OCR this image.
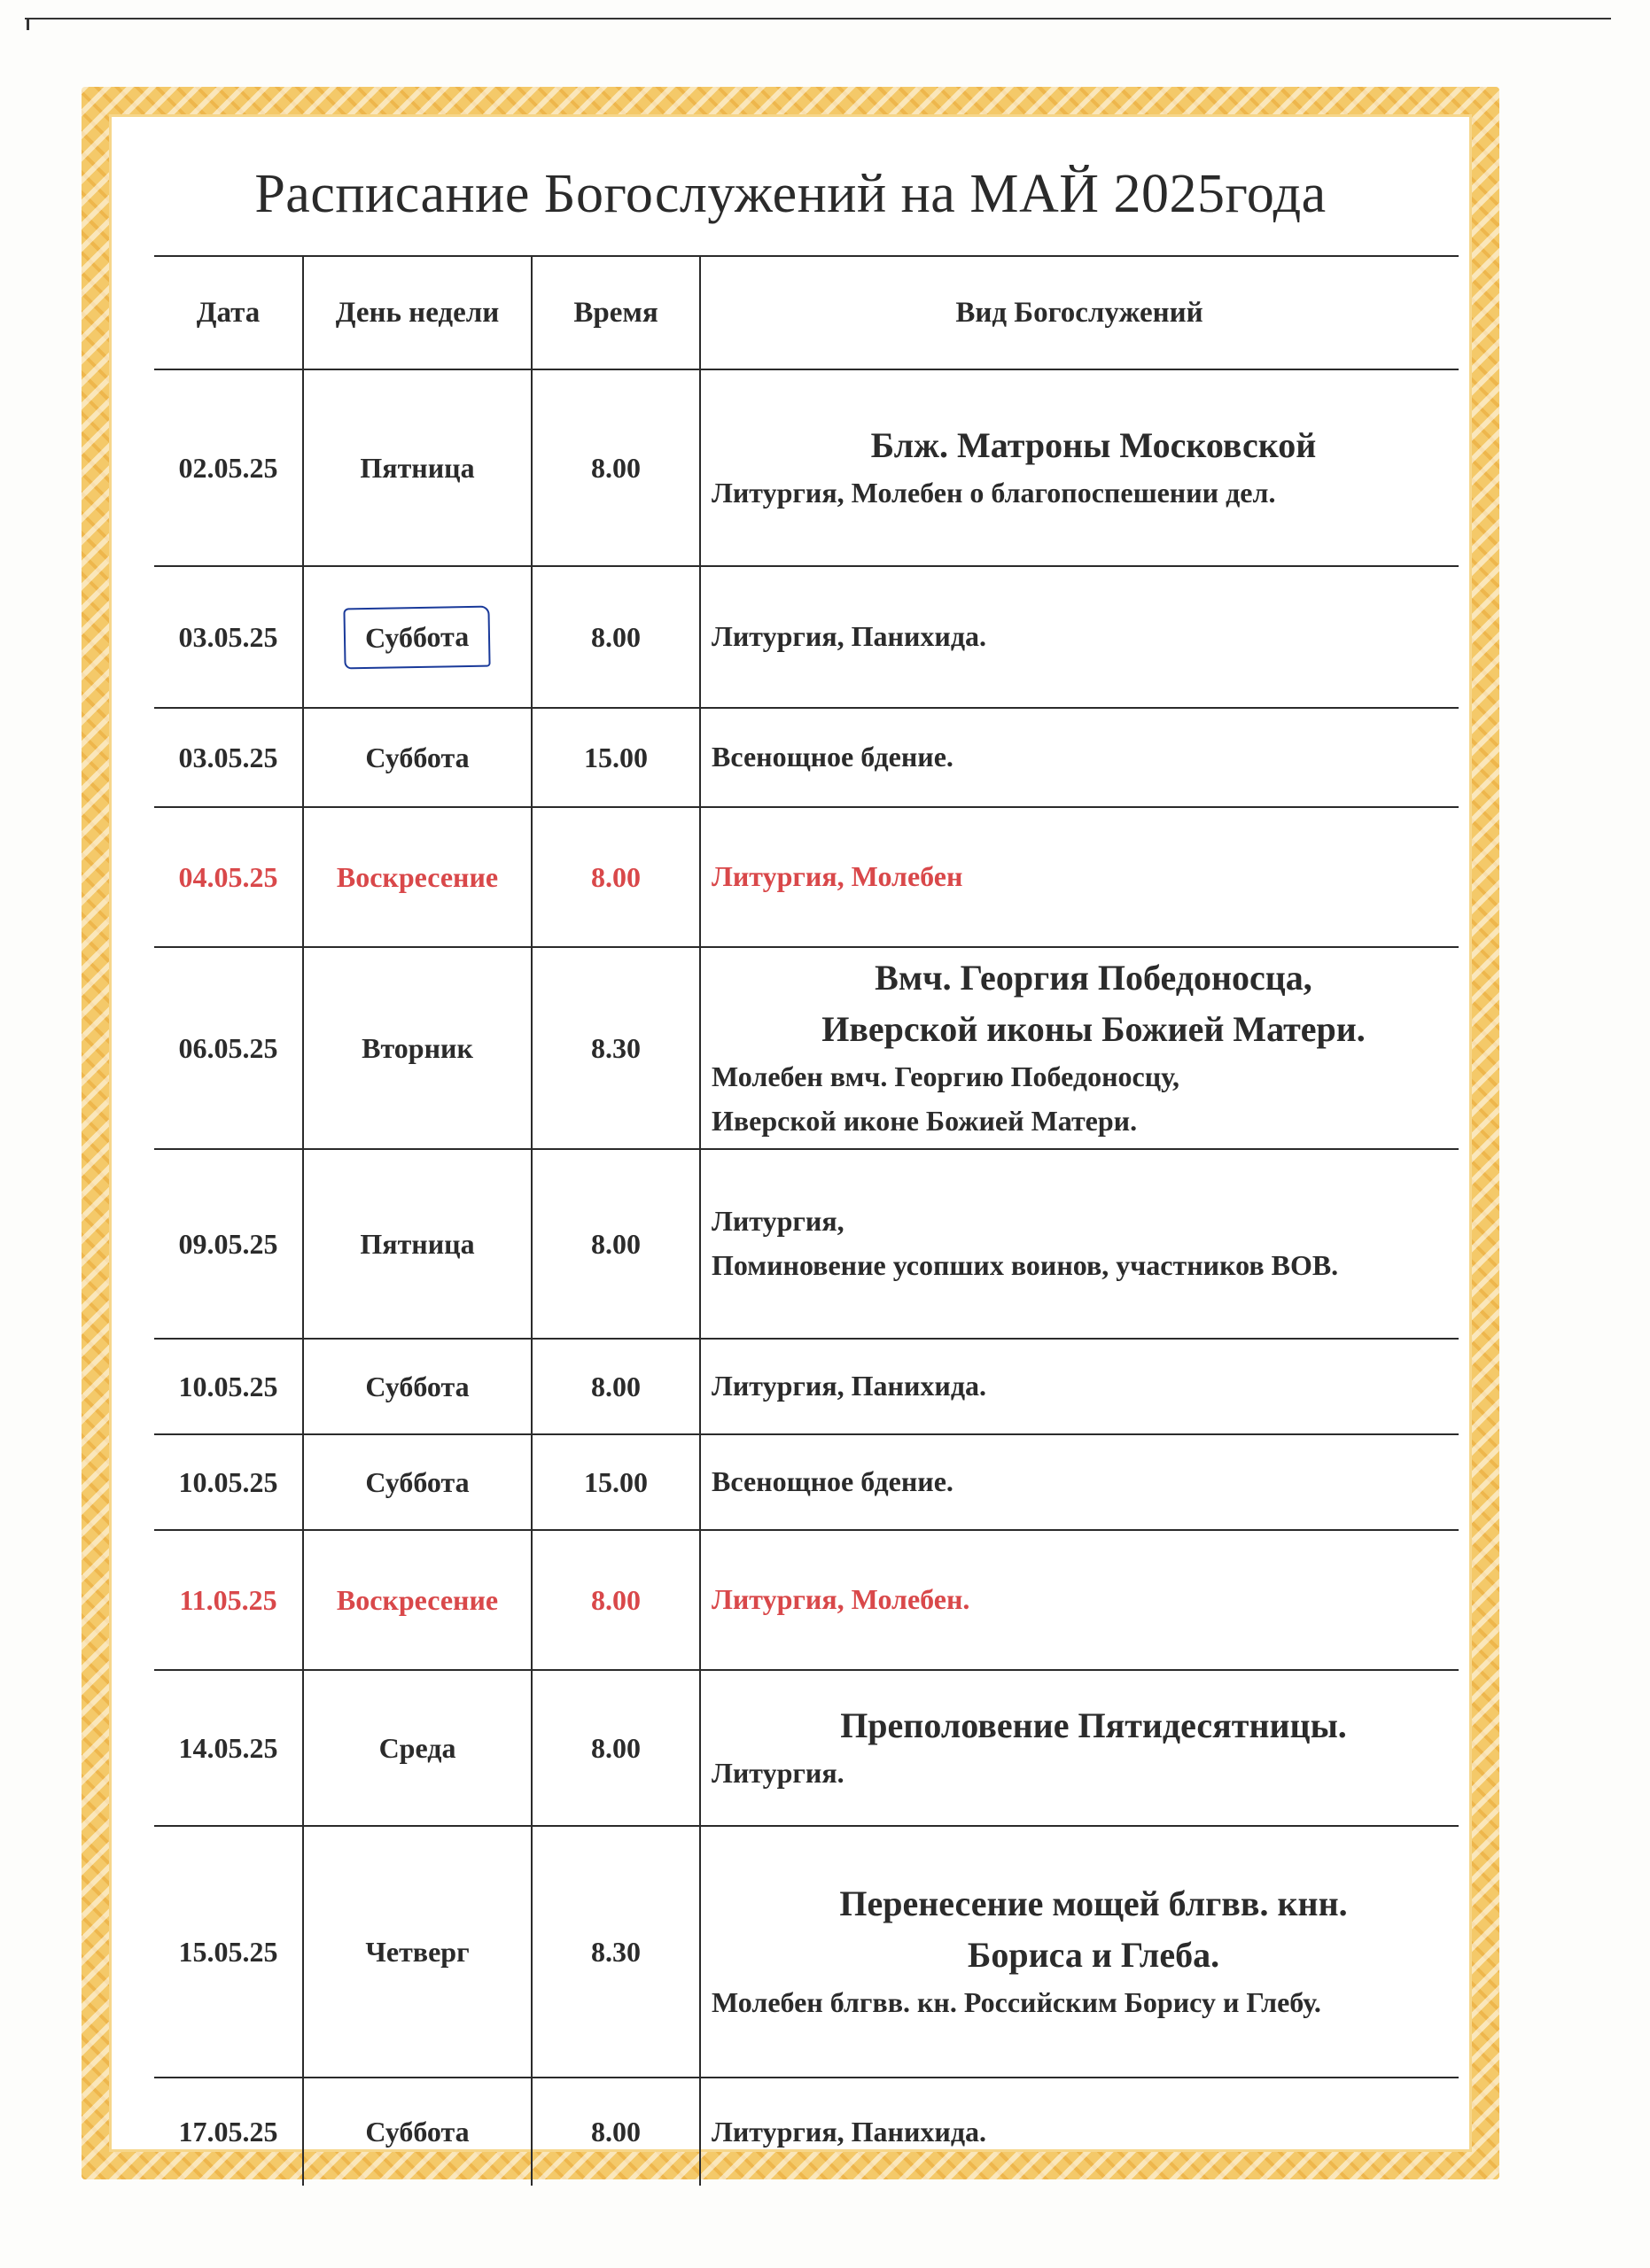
Расписание Богослужений на МАЙ 2025года
Дата	День недели	Время	Вид Богослужений
02.05.25	Пятница	8.00	Блж. Матроны Московской
Литургия, Молебен о благопоспешении дел.

03.05.25	Суббота	8.00	Литургия, Панихида.

03.05.25	Суббота	15.00	Всенощное бдение.

04.05.25	Воскресение	8.00	Литургия, Молебен

06.05.25	Вторник	8.30	Вмч. Георгия Победоносца,
Иверской иконы Божией Матери.
Молебен вмч. Георгию Победоносцу,
Иверской иконе Божией Матери.

09.05.25	Пятница	8.00	Литургия,
Поминовение усопших воинов, участников ВОВ.

10.05.25	Суббота	8.00	Литургия, Панихида.

10.05.25	Суббота	15.00	Всенощное бдение.

11.05.25	Воскресение	8.00	Литургия, Молебен.

14.05.25	Среда	8.00	Преполовение Пятидесятницы.
Литургия.

15.05.25	Четверг	8.30	Перенесение мощей блгвв. кнн.
Бориса и Глеба.
Молебен блгвв. кн. Российским Борису и Глебу.

17.05.25	Суббота	8.00	Литургия, Панихида.
